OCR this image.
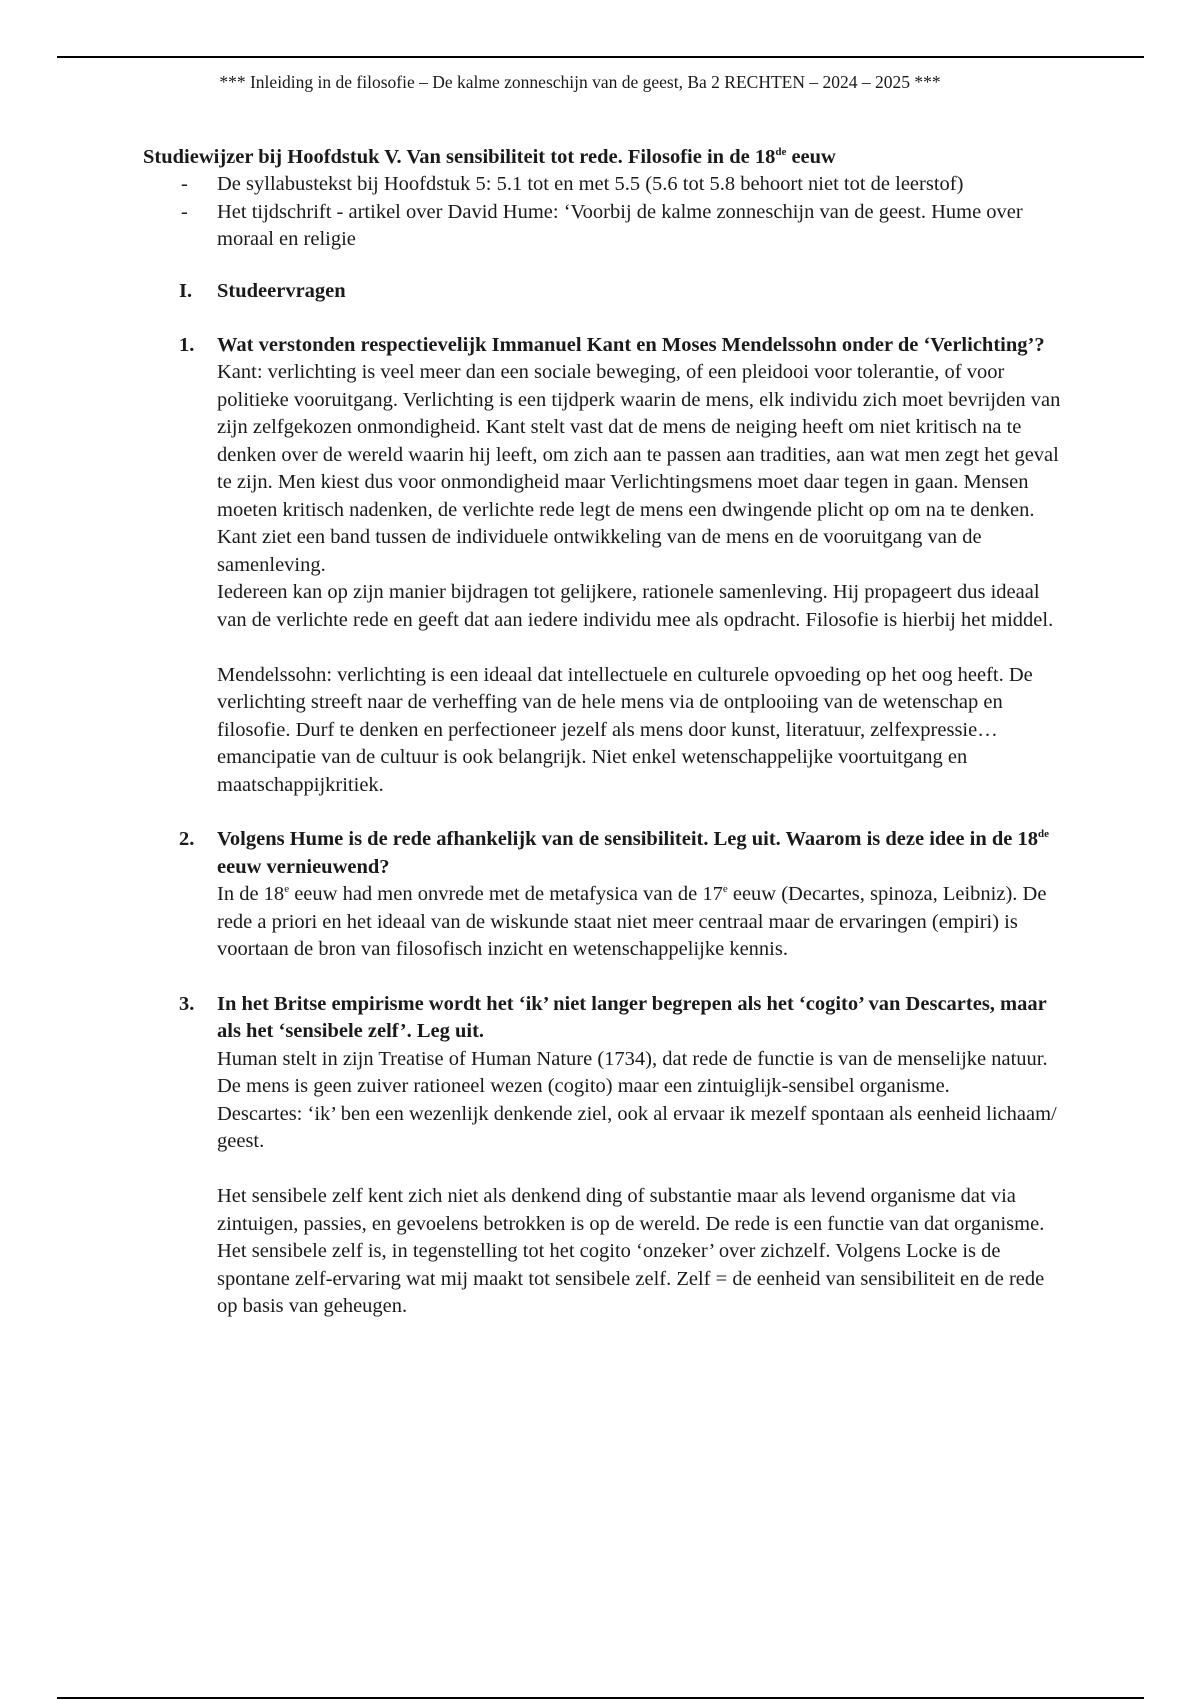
*** Inleiding in de filosofie – De kalme zonneschijn van de geest, Ba 2 RECHTEN – 2024 – 2025 ***

Studiewijzer bij Hoofdstuk V. Van sensibiliteit tot rede. Filosofie in de 18de eeuw

- De syllabustekst bij Hoofdstuk 5: 5.1 tot en met 5.5 (5.6 tot 5.8 behoort niet tot de leerstof)
- Het tijdschrift - artikel over David Hume: ‘Voorbij de kalme zonneschijn van de geest. Hume over moraal en religie
I. Studeervragen
1. Wat verstonden respectievelijk Immanuel Kant en Moses Mendelssohn onder de ‘Verlichting’?
Kant: verlichting is veel meer dan een sociale beweging, of een pleidooi voor tolerantie, of voor politieke vooruitgang. Verlichting is een tijdperk waarin de mens, elk individu zich moet bevrijden van zijn zelfgekozen onmondigheid. Kant stelt vast dat de mens de neiging heeft om niet kritisch na te denken over de wereld waarin hij leeft, om zich aan te passen aan tradities, aan wat men zegt het geval te zijn. Men kiest dus voor onmondigheid maar Verlichtingsmens moet daar tegen in gaan. Mensen moeten kritisch nadenken, de verlichte rede legt de mens een dwingende plicht op om na te denken.
Kant ziet een band tussen de individuele ontwikkeling van de mens en de vooruitgang van de samenleving.
Iedereen kan op zijn manier bijdragen tot gelijkere, rationele samenleving. Hij propageert dus ideaal van de verlichte rede en geeft dat aan iedere individu mee als opdracht. Filosofie is hierbij het middel.
Mendelssohn: verlichting is een ideaal dat intellectuele en culturele opvoeding op het oog heeft. De verlichting streeft naar de verheffing van de hele mens via de ontplooiing van de wetenschap en filosofie. Durf te denken en perfectioneer jezelf als mens door kunst, literatuur, zelfexpressie… emancipatie van de cultuur is ook belangrijk. Niet enkel wetenschappelijke voortuitgang en maatschappijkritiek.
2. Volgens Hume is de rede afhankelijk van de sensibiliteit. Leg uit. Waarom is deze idee in de 18de eeuw vernieuwend?
In de 18e eeuw had men onvrede met de metafysica van de 17e eeuw (Decartes, spinoza, Leibniz). De rede a priori en het ideaal van de wiskunde staat niet meer centraal maar de ervaringen (empiri) is voortaan de bron van filosofisch inzicht en wetenschappelijke kennis.
3. In het Britse empirisme wordt het ‘ik’ niet langer begrepen als het ‘cogito’ van Descartes, maar als het ‘sensibele zelf’. Leg uit.
Human stelt in zijn Treatise of Human Nature (1734), dat rede de functie is van de menselijke natuur. De mens is geen zuiver rationeel wezen (cogito) maar een zintuiglijk-sensibel organisme.
Descartes: ‘ik’ ben een wezenlijk denkende ziel, ook al ervaar ik mezelf spontaan als eenheid lichaam/ geest.
Het sensibele zelf kent zich niet als denkend ding of substantie maar als levend organisme dat via zintuigen, passies, en gevoelens betrokken is op de wereld. De rede is een functie van dat organisme. Het sensibele zelf is, in tegenstelling tot het cogito ‘onzeker’ over zichzelf. Volgens Locke is de spontane zelf-ervaring wat mij maakt tot sensibele zelf. Zelf = de eenheid van sensibiliteit en de rede op basis van geheugen.
